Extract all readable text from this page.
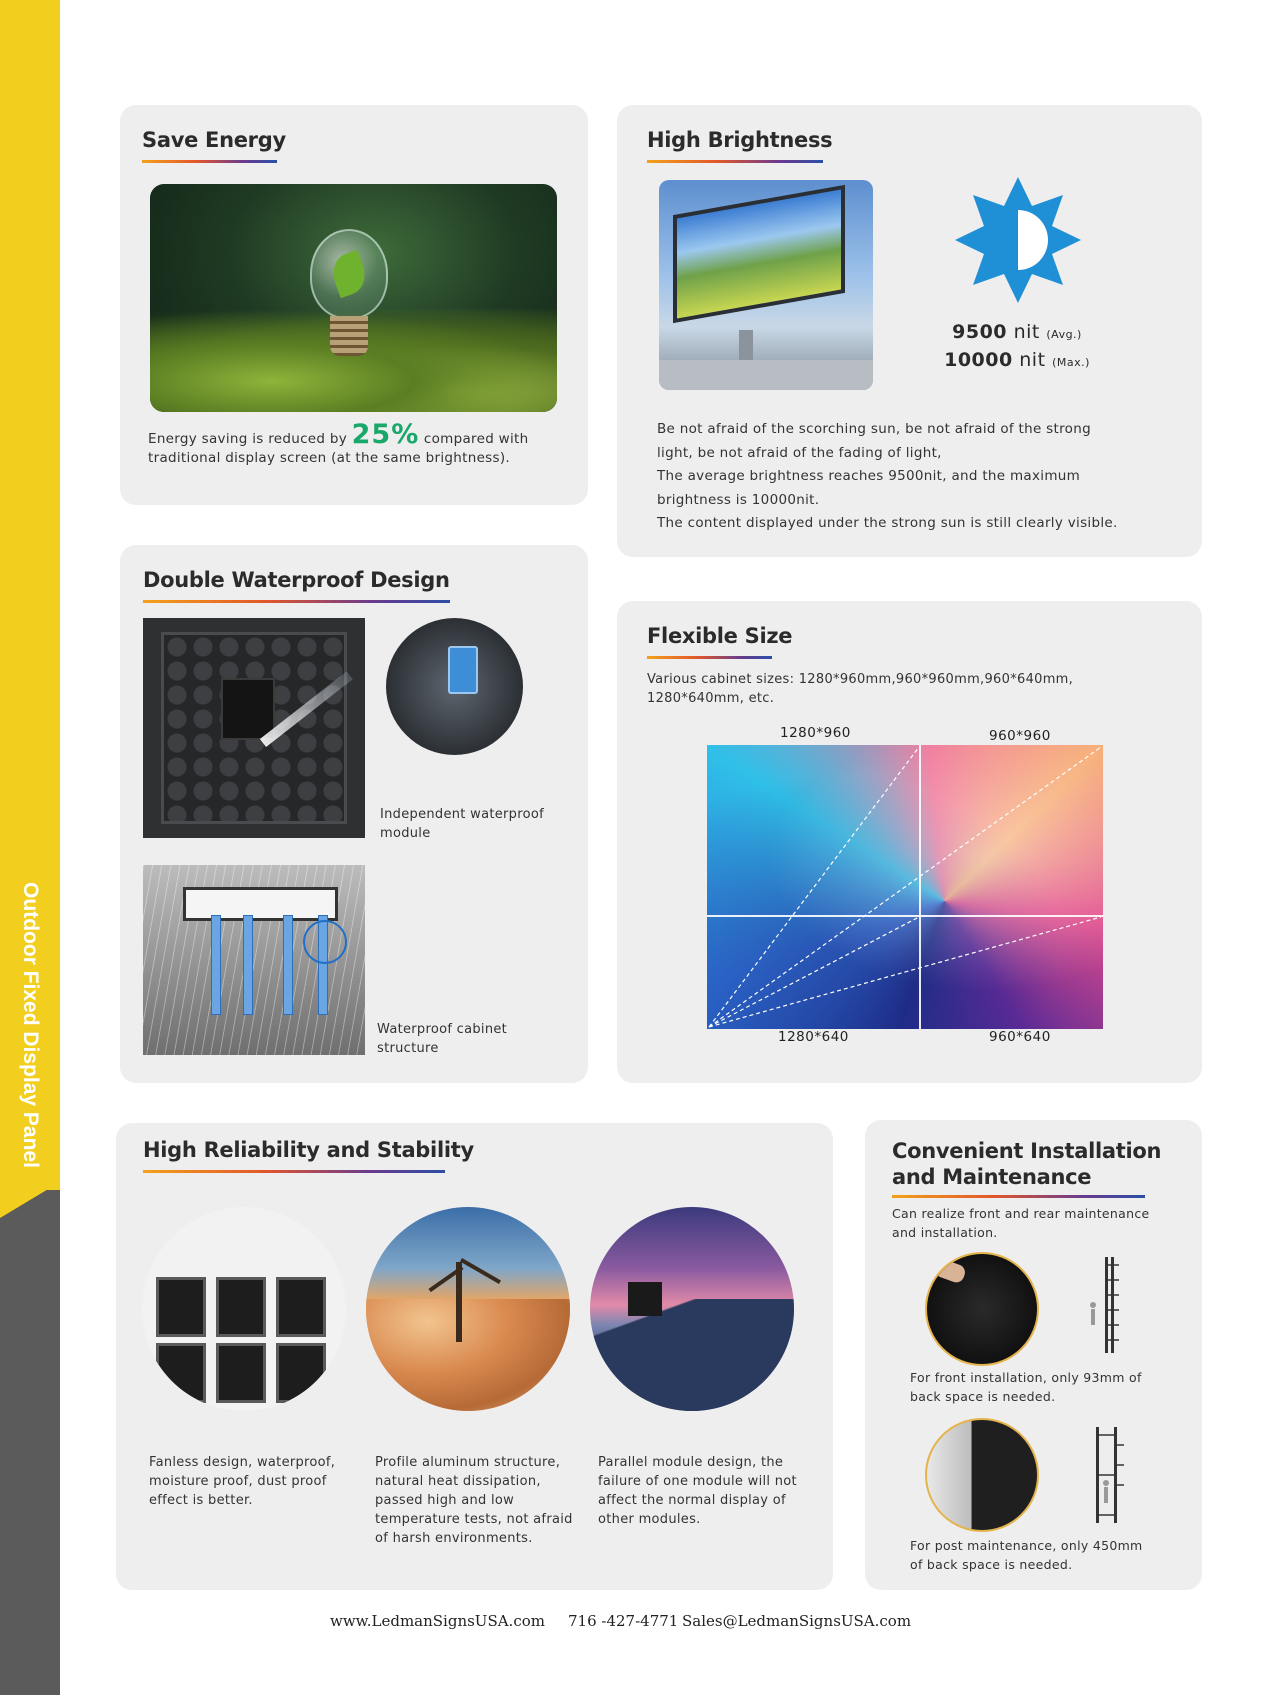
Outdoor Fixed Display Panel
Save Energy
Energy saving is reduced by 25% compared with
traditional display screen (at the same brightness).
High Brightness
9500 nit (Avg.)
10000 nit (Max.)
Be not afraid of the scorching sun, be not afraid of the strong
light, be not afraid of the fading of light,
The average brightness reaches 9500nit, and the maximum
brightness is 10000nit.
The content displayed under the strong sun is still clearly visible.
Double Waterproof Design
Independent waterproof
module
Waterproof cabinet
structure
Flexible Size
Various cabinet sizes: 1280*960mm,960*960mm,960*640mm,
1280*640mm, etc.
1280*960	960*960
1280*640	960*640
High Reliability and Stability
Fanless design, waterproof,
moisture proof, dust proof
effect is better.
Profile aluminum structure,
natural heat dissipation,
passed high and low
temperature tests, not afraid
of harsh environments.
Parallel module design, the
failure of one module will not
affect the normal display of
other modules.
Convenient Installation
and Maintenance
Can realize front and rear maintenance
and installation.
For front installation, only 93mm of
back space is needed.
For post maintenance, only 450mm
of back space is needed.
www.LedmanSignsUSA.com 716 -427-4771 Sales@LedmanSignsUSA.com
